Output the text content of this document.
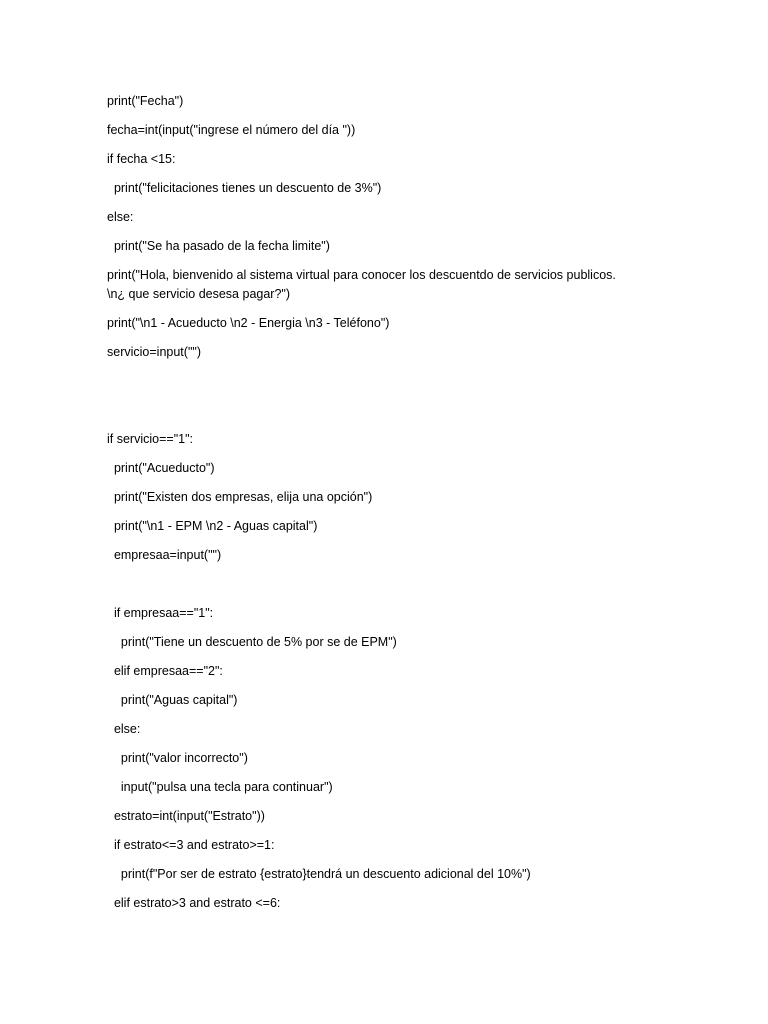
print("Fecha")

fecha=int(input("ingrese el número del día "))

if fecha <15:

print("felicitaciones tienes un descuento de 3%")

else:

print("Se ha pasado de la fecha limite")

print("Hola, bienvenido al sistema virtual para conocer los descuentdo de servicios publicos.

\n¿ que servicio desesa pagar?")

print("\n1 - Acueducto \n2 - Energia \n3 - Teléfono")

servicio=input("")

if servicio=="1":

print("Acueducto")

print("Existen dos empresas, elija una opción")

print("\n1 - EPM \n2 - Aguas capital")

empresaa=input("")

if empresaa=="1":

print("Tiene un descuento de 5% por se de EPM")

elif empresaa=="2":

print("Aguas capital")

else:

print("valor incorrecto")

input("pulsa una tecla para continuar")

estrato=int(input("Estrato"))

if estrato<=3 and estrato>=1:

print(f"Por ser de estrato {estrato}tendrá un descuento adicional del 10%")

elif estrato>3 and estrato <=6:
